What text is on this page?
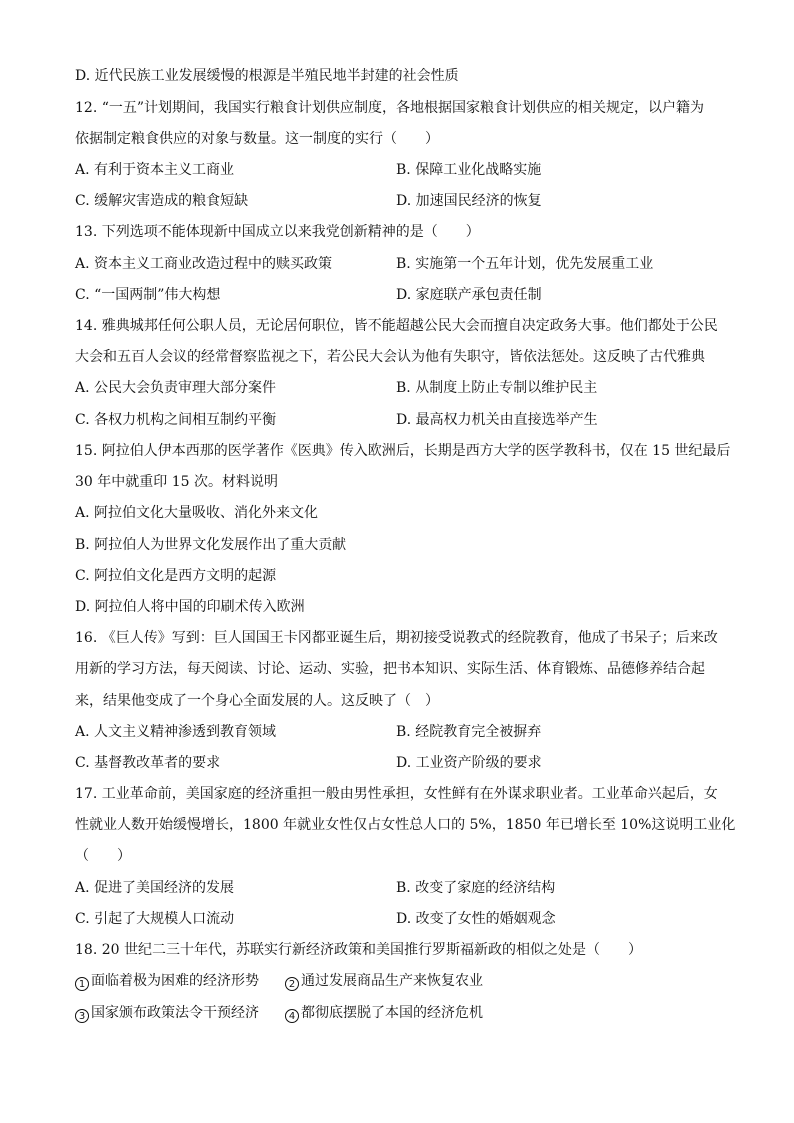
D. 近代民族工业发展缓慢的根源是半殖民地半封建的社会性质
12. “一五”计划期间，我国实行粮食计划供应制度，各地根据国家粮食计划供应的相关规定，以户籍为
依据制定粮食供应的对象与数量。这一制度的实行（　　）
A. 有利于资本主义工商业	B. 保障工业化战略实施
C. 缓解灾害造成的粮食短缺	D. 加速国民经济的恢复
13. 下列选项不能体现新中国成立以来我党创新精神的是（　　）
A. 资本主义工商业改造过程中的赎买政策	B. 实施第一个五年计划，优先发展重工业
C. “一国两制”伟大构想	D. 家庭联产承包责任制
14. 雅典城邦任何公职人员，无论居何职位，皆不能超越公民大会而擅自决定政务大事。他们都处于公民
大会和五百人会议的经常督察监视之下，若公民大会认为他有失职守，皆依法惩处。这反映了古代雅典
A. 公民大会负责审理大部分案件	B. 从制度上防止专制以维护民主
C. 各权力机构之间相互制约平衡	D. 最高权力机关由直接选举产生
15. 阿拉伯人伊本西那的医学著作《医典》传入欧洲后，长期是西方大学的医学教科书，仅在 15 世纪最后
30 年中就重印 15 次。材料说明
A. 阿拉伯文化大量吸收、消化外来文化
B. 阿拉伯人为世界文化发展作出了重大贡献
C. 阿拉伯文化是西方文明的起源
D. 阿拉伯人将中国的印刷术传入欧洲
16. 《巨人传》写到：巨人国国王卡冈都亚诞生后，期初接受说教式的经院教育，他成了书呆子；后来改
用新的学习方法，每天阅读、讨论、运动、实验，把书本知识、实际生活、体育锻炼、品德修养结合起
来，结果他变成了一个身心全面发展的人。这反映了（　）
A. 人文主义精神渗透到教育领域	B. 经院教育完全被摒弃
C. 基督教改革者的要求	D. 工业资产阶级的要求
17. 工业革命前，美国家庭的经济重担一般由男性承担，女性鲜有在外谋求职业者。工业革命兴起后，女
性就业人数开始缓慢增长，1800 年就业女性仅占女性总人口的 5%，1850 年已增长至 10%这说明工业化
（　　）
A. 促进了美国经济的发展	B. 改变了家庭的经济结构
C. 引起了大规模人口流动	D. 改变了女性的婚姻观念
18. 20 世纪二三十年代，苏联实行新经济政策和美国推行罗斯福新政的相似之处是（　　）
1 面临着极为困难的经济形势	2 通过发展商品生产来恢复农业
3 国家颁布政策法令干预经济	4 都彻底摆脱了本国的经济危机
